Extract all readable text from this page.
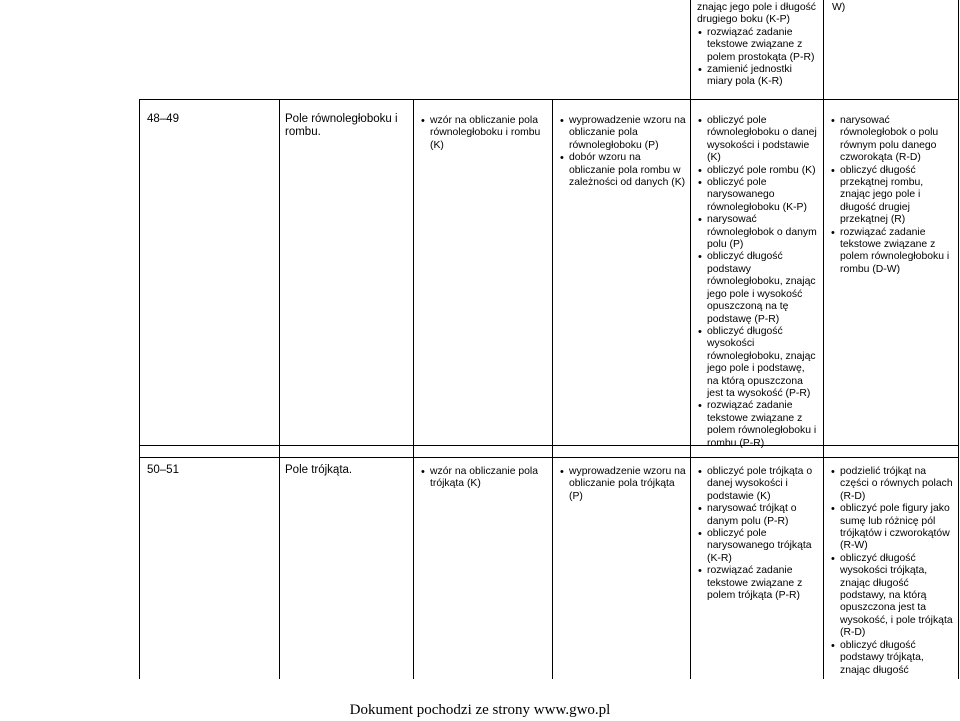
znając jego pole i długość drugiego boku (K-P)
• rozwiązać zadanie tekstowe związane z polem prostokąta (P-R)
• zamienić jednostki miary pola (K-R)
W)
48–49	Pole równoległoboku i rombu.
• wzór na obliczanie pola równoległoboku i rombu (K)
• wyprowadzenie wzoru na obliczanie pola równoległoboku (P)
• dobór wzoru na obliczanie pola rombu w zależności od danych (K)
• obliczyć pole równoległoboku o danej wysokości i podstawie (K)
• obliczyć pole rombu (K)
• obliczyć pole narysowanego równoległoboku (K-P)
• narysować równoległobok o danym polu (P)
• obliczyć długość podstawy równoległoboku, znając jego pole i wysokość opuszczoną na tę podstawę (P-R)
• obliczyć długość wysokości równoległoboku, znając jego pole i podstawę, na którą opuszczona jest ta wysokość (P-R)
• rozwiązać zadanie tekstowe związane z polem równoległoboku i rombu (P-R)
• narysować równoległobok o polu równym polu danego czworokąta (R-D)
• obliczyć długość przekątnej rombu, znając jego pole i długość drugiej przekątnej (R)
• rozwiązać zadanie tekstowe związane z polem równoległoboku i rombu (D-W)
50–51	Pole trójkąta.
•	wzór na obliczanie pola trójkąta (K)
• wyprowadzenie wzoru na obliczanie pola trójkąta (P)
• obliczyć pole trójkąta o danej wysokości i podstawie (K)
• narysować trójkąt o danym polu (P-R)
• obliczyć pole narysowanego trójkąta (K-R)
• rozwiązać zadanie tekstowe związane z polem trójkąta (P-R)
• podzielić trójkąt na części o równych polach (R-D)
• obliczyć pole figury jako sumę lub różnicę pól trójkątów i czworokątów (R-W)
• obliczyć długość wysokości trójkąta, znając długość podstawy, na którą opuszczona jest ta wysokość, i pole trójkąta (R-D)
• obliczyć długość podstawy trójkąta, znając długość
Dokument pochodzi ze strony www.gwo.pl
